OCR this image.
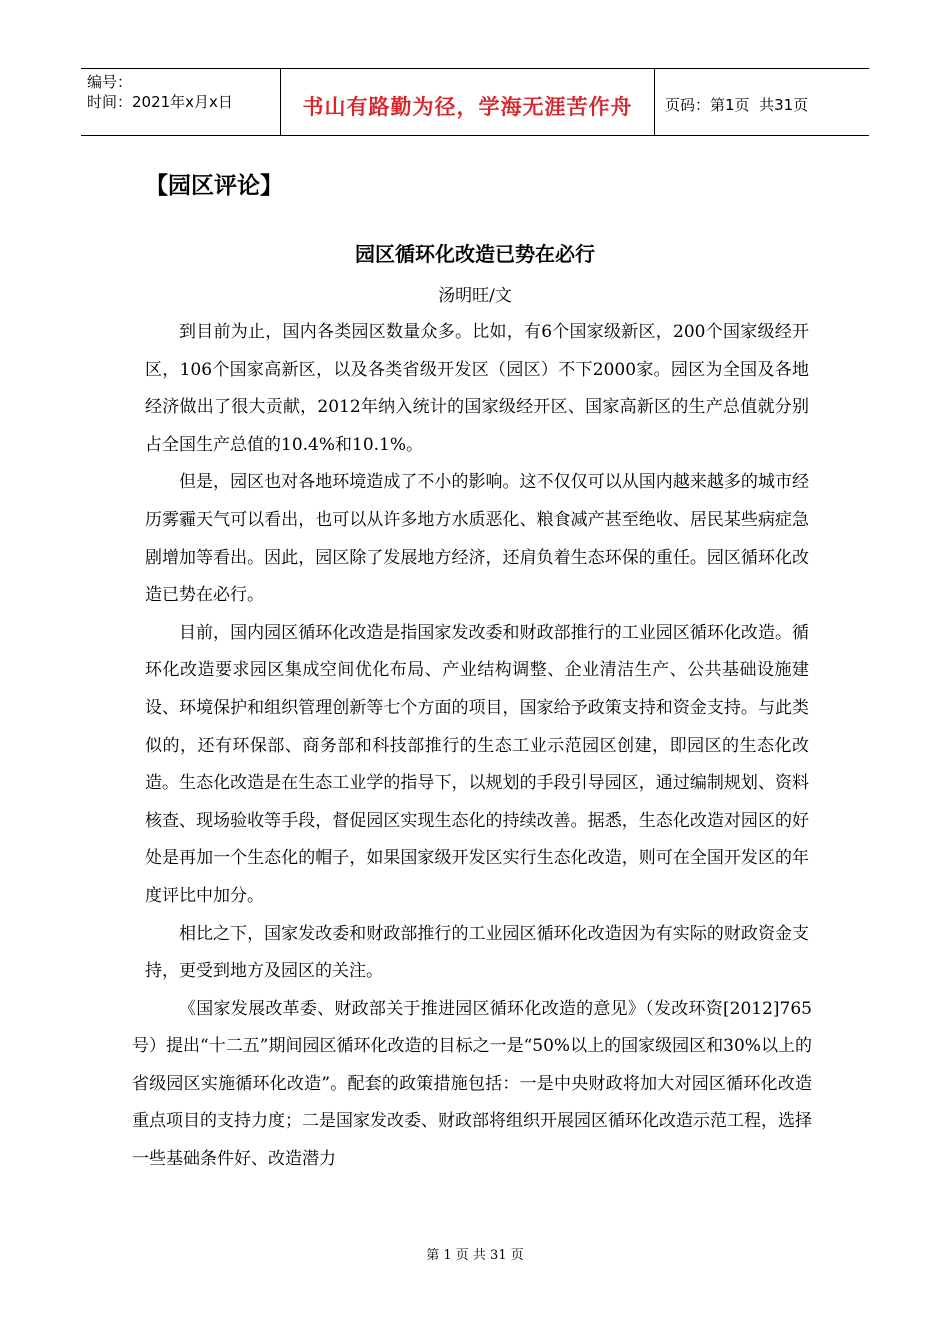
编号：
时间：2021年x月x日	书山有路勤为径，学海无涯苦作舟	页码：第1页  共31页
【园区评论】
园区循环化改造已势在必行
汤明旺/文

到目前为止，国内各类园区数量众多。比如，有6个国家级新区，200个国家级经开区，106个国家高新区，以及各类省级开发区（园区）不下2000家。园区为全国及各地经济做出了很大贡献，2012年纳入统计的国家级经开区、国家高新区的生产总值就分别占全国生产总值的10.4%和10.1%。

但是，园区也对各地环境造成了不小的影响。这不仅仅可以从国内越来越多的城市经历雾霾天气可以看出，也可以从许多地方水质恶化、粮食减产甚至绝收、居民某些病症急剧增加等看出。因此，园区除了发展地方经济，还肩负着生态环保的重任。园区循环化改造已势在必行。

目前，国内园区循环化改造是指国家发改委和财政部推行的工业园区循环化改造。循环化改造要求园区集成空间优化布局、产业结构调整、企业清洁生产、公共基础设施建设、环境保护和组织管理创新等七个方面的项目，国家给予政策支持和资金支持。与此类似的，还有环保部、商务部和科技部推行的生态工业示范园区创建，即园区的生态化改造。生态化改造是在生态工业学的指导下，以规划的手段引导园区，通过编制规划、资料核查、现场验收等手段，督促园区实现生态化的持续改善。据悉，生态化改造对园区的好处是再加一个生态化的帽子，如果国家级开发区实行生态化改造，则可在全国开发区的年度评比中加分。

相比之下，国家发改委和财政部推行的工业园区循环化改造因为有实际的财政资金支持，更受到地方及园区的关注。

《国家发展改革委、财政部关于推进园区循环化改造的意见》（发改环资[2012]765号）提出“十二五”期间园区循环化改造的目标之一是“50%以上的国家级园区和30%以上的省级园区实施循环化改造”。配套的政策措施包括：一是中央财政将加大对园区循环化改造重点项目的支持力度；二是国家发改委、财政部将组织开展园区循环化改造示范工程，选择一些基础条件好、改造潜力

第 1 页 共 31 页
